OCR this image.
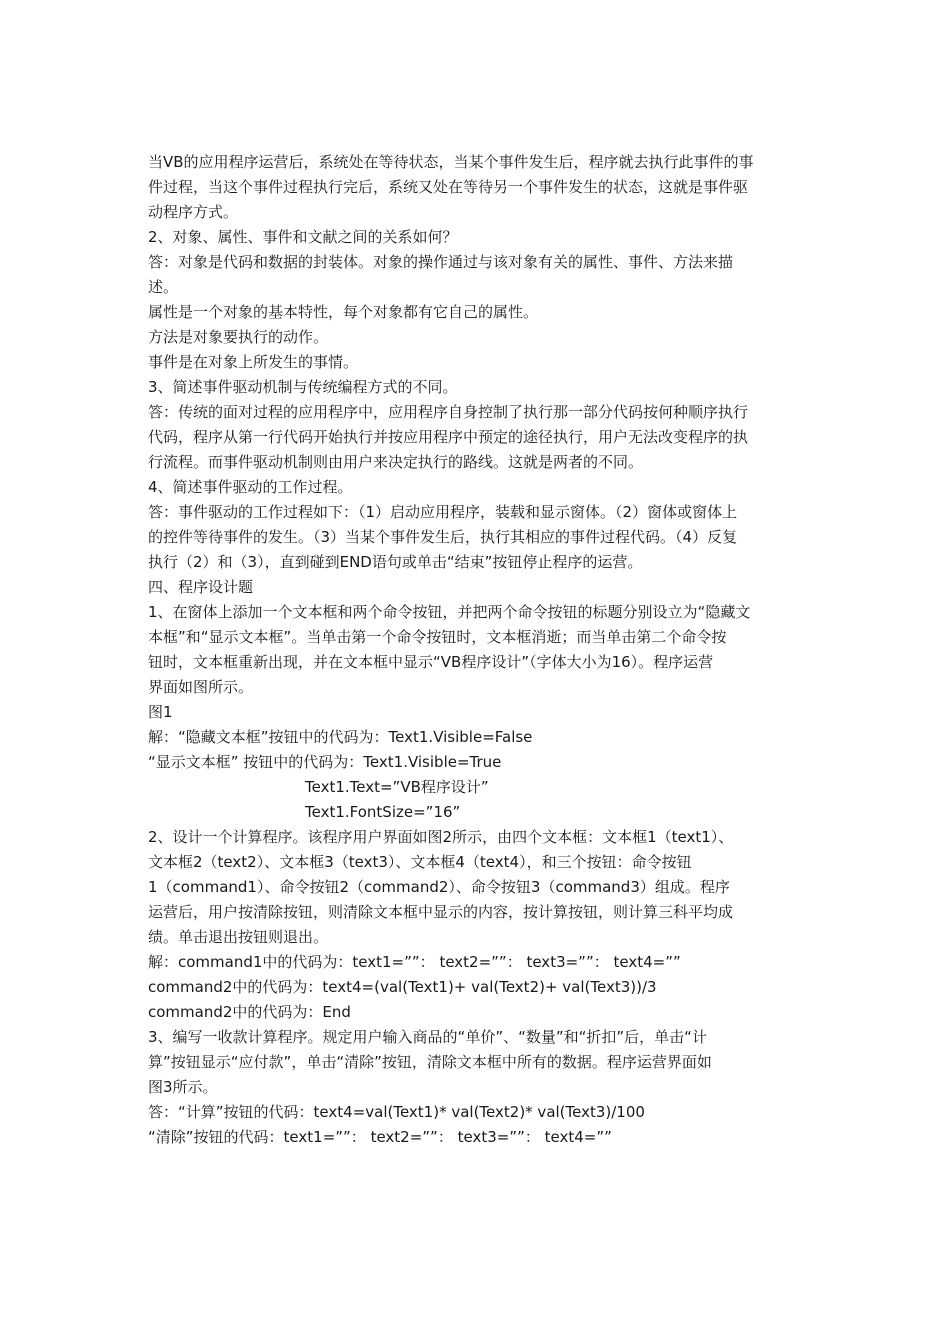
当VB的应用程序运营后，系统处在等待状态，当某个事件发生后，程序就去执行此事件的事
件过程，当这个事件过程执行完后，系统又处在等待另一个事件发生的状态，这就是事件驱
动程序方式。
2、对象、属性、事件和文献之间的关系如何？
答：对象是代码和数据的封装体。对象的操作通过与该对象有关的属性、事件、方法来描
述。
属性是一个对象的基本特性，每个对象都有它自己的属性。
方法是对象要执行的动作。
事件是在对象上所发生的事情。
3、简述事件驱动机制与传统编程方式的不同。
答：传统的面对过程的应用程序中，应用程序自身控制了执行那一部分代码按何种顺序执行
代码，程序从第一行代码开始执行并按应用程序中预定的途径执行，用户无法改变程序的执
行流程。而事件驱动机制则由用户来决定执行的路线。这就是两者的不同。
4、简述事件驱动的工作过程。
答：事件驱动的工作过程如下：（1）启动应用程序，装载和显示窗体。（2）窗体或窗体上
的控件等待事件的发生。（3）当某个事件发生后，执行其相应的事件过程代码。（4）反复
执行（2）和（3），直到碰到END语句或单击“结束”按钮停止程序的运营。
四、程序设计题
1、在窗体上添加一个文本框和两个命令按钮，并把两个命令按钮的标题分别设立为“隐藏文
本框”和“显示文本框”。当单击第一个命令按钮时，文本框消逝；而当单击第二个命令按
钮时，文本框重新出现，并在文本框中显示“VB程序设计”（字体大小为16）。程序运营
界面如图所示。
图1
解：“隐藏文本框”按钮中的代码为：Text1.Visible=False
“显示文本框” 按钮中的代码为：Text1.Visible=True
Text1.Text=”VB程序设计”
Text1.FontSize=”16”
2、设计一个计算程序。该程序用户界面如图2所示，由四个文本框：文本框1（text1）、
文本框2（text2）、文本框3（text3）、文本框4（text4），和三个按钮：命令按钮
1（command1）、命令按钮2（command2）、命令按钮3（command3）组成。程序
运营后，用户按清除按钮，则清除文本框中显示的内容，按计算按钮，则计算三科平均成
绩。单击退出按钮则退出。
解：command1中的代码为：text1=””： text2=””： text3=””： text4=””
command2中的代码为：text4=(val(Text1)+ val(Text2)+ val(Text3))/3
command2中的代码为：End
3、编写一收款计算程序。规定用户输入商品的“单价”、“数量”和“折扣”后，单击“计
算”按钮显示“应付款”，单击“清除”按钮，清除文本框中所有的数据。程序运营界面如
图3所示。
答：“计算”按钮的代码：text4=val(Text1)* val(Text2)* val(Text3)/100
“清除”按钮的代码：text1=””： text2=””： text3=””： text4=””
